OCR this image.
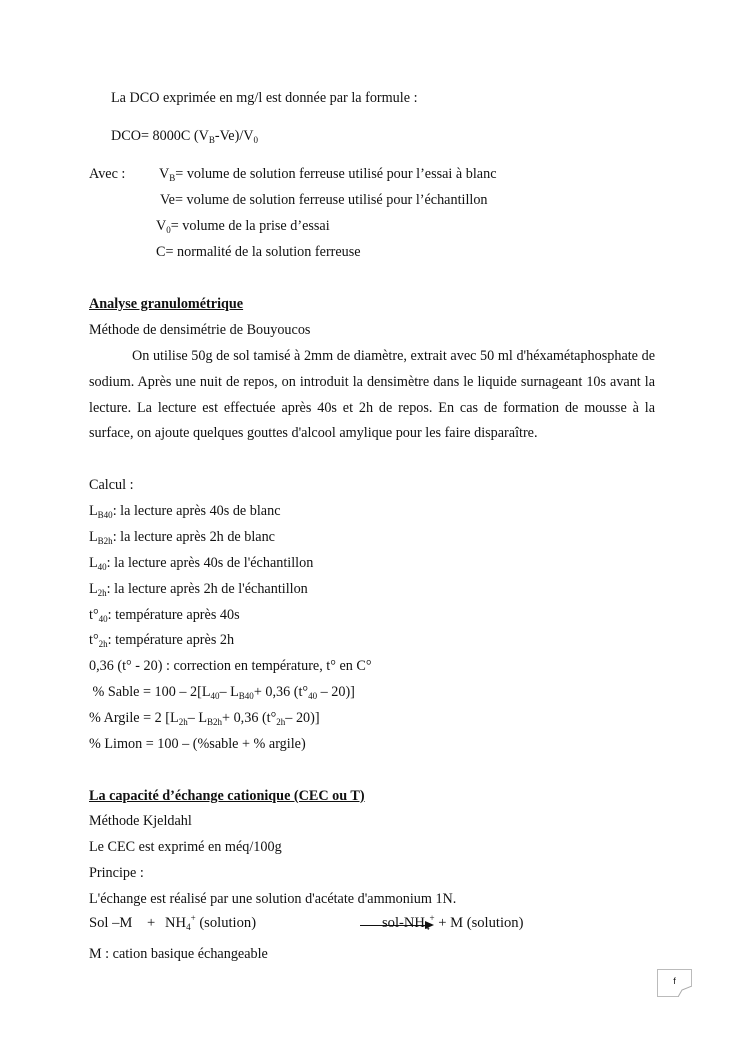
La DCO exprimée en mg/l est donnée par la formule :
DCO= 8000C $(V_B-Ve)/V_0$
Avec : $V_B=$ volume de solution ferreuse utilisé pour l’essai à blanc
Ve= volume de solution ferreuse utilisé pour l’échantillon
$V_0=$ volume de la prise d’essai
C= normalité de la solution ferreuse
Analyse granulométrique
Méthode de densimétrie de Bouyoucos
On utilise 50g de sol tamisé à 2mm de diamètre, extrait avec 50 ml d'héxamétaphosphate de sodium. Après une nuit de repos, on introduit la densimètre dans le liquide surnageant 10s avant la lecture. La lecture est effectuée après 40s et 2h de repos. En cas de formation de mousse à la surface, on ajoute quelques gouttes d'alcool amylique pour les faire disparaître.
Calcul :
$L_{B40}$: la lecture après 40s de blanc
$L_{B2h}$: la lecture après 2h de blanc
$L_{40}$: la lecture après 40s de l'échantillon
$L_{2h}$: la lecture après 2h de l'échantillon
$t^\circ_{40}$: température après 40s
$t^\circ_{2h}$: température après 2h
0,36 (t° - 20) : correction en température, t° en C°
% Sable = $100 - 2[L_{40}-$ $L_{B40}+ 0,36$ $(t^\circ_{40} - 20)$]
% Argile = 2 [$L_{2h}-$ $L_{B2h}+ 0,36$ ($t^\circ_{2h}-$ 20)]
% Limon = 100 – (%sable + % argile)
La capacité d’échange cationique (CEC ou T)
Méthode Kjeldahl
Le CEC est exprimé en méq/100g
Principe :
L'échange est réalisé par une solution d'acétate d'ammonium 1N.
Sol $-M + NH_4^+$ (solution)	sol-$NH_4^+ + M$ (solution)
M : cation basique échangeable
f
